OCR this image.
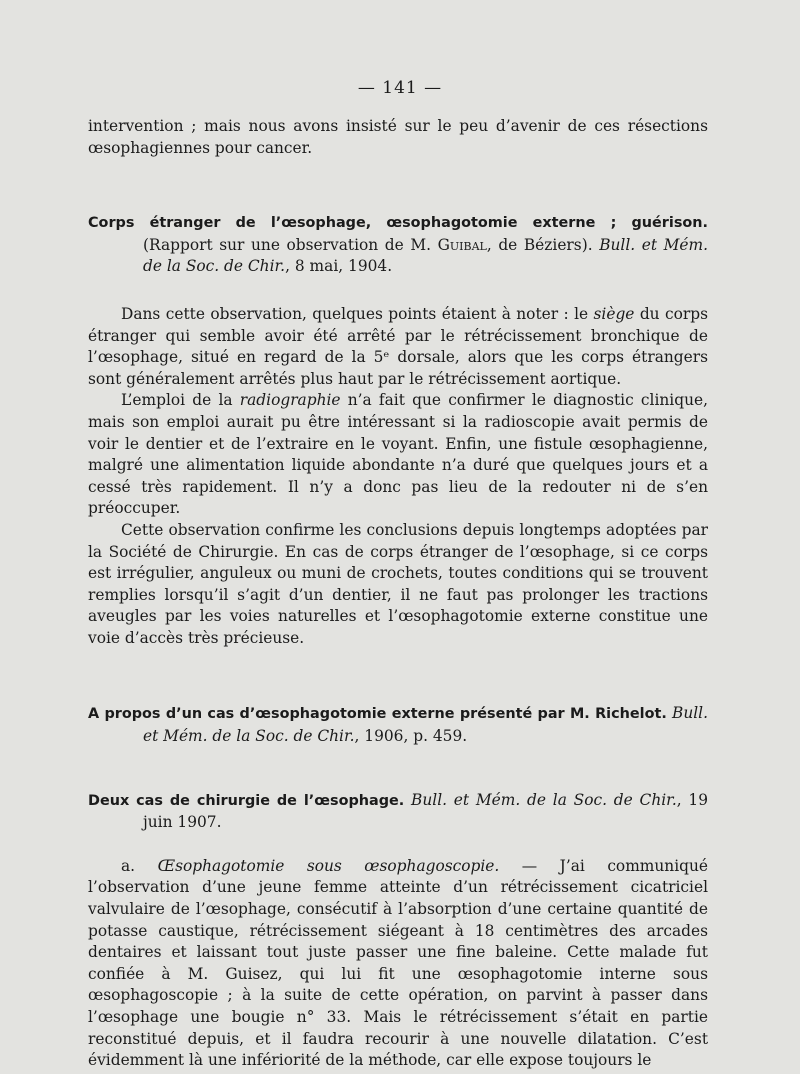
— 141 —

intervention ; mais nous avons insisté sur le peu d’avenir de ces résections œsophagiennes pour cancer.

Corps étranger de l’œsophage, œsophagotomie externe ; guérison. (Rapport sur une observation de M. Guibal, de Béziers). Bull. et Mém. de la Soc. de Chir., 8 mai, 1904.

Dans cette observation, quelques points étaient à noter : le siège du corps étranger qui semble avoir été arrêté par le rétrécissement bronchique de l’œsophage, situé en regard de la 5ᵉ dorsale, alors que les corps étrangers sont généralement arrêtés plus haut par le rétrécissement aortique.

L’emploi de la radiographie n’a fait que confirmer le diagnostic clinique, mais son emploi aurait pu être intéressant si la radioscopie avait permis de voir le dentier et de l’extraire en le voyant. Enfin, une fistule œsophagienne, malgré une alimentation liquide abondante n’a duré que quelques jours et a cessé très rapidement. Il n’y a donc pas lieu de la redouter ni de s’en préoccuper.

Cette observation confirme les conclusions depuis longtemps adoptées par la Société de Chirurgie. En cas de corps étranger de l’œsophage, si ce corps est irrégulier, anguleux ou muni de crochets, toutes conditions qui se trouvent remplies lorsqu’il s’agit d’un dentier, il ne faut pas prolonger les tractions aveugles par les voies naturelles et l’œsophagotomie externe constitue une voie d’accès très précieuse.

A propos d’un cas d’œsophagotomie externe présenté par M. Richelot. Bull. et Mém. de la Soc. de Chir., 1906, p. 459.

Deux cas de chirurgie de l’œsophage. Bull. et Mém. de la Soc. de Chir., 19 juin 1907.

a. Œsophagotomie sous œsophagoscopie. — J’ai communiqué l’observation d’une jeune femme atteinte d’un rétrécissement cicatriciel valvulaire de l’œsophage, consécutif à l’absorption d’une certaine quantité de potasse caustique, rétrécissement siégeant à 18 centimètres des arcades dentaires et laissant tout juste passer une fine baleine. Cette malade fut confiée à M. Guisez, qui lui fit une œsophagotomie interne sous œsophagoscopie ; à la suite de cette opération, on parvint à passer dans l’œsophage une bougie n° 33. Mais le rétrécissement s’était en partie reconstitué depuis, et il faudra recourir à une nouvelle dilatation. C’est évidemment là une infériorité de la méthode, car elle expose toujours le
